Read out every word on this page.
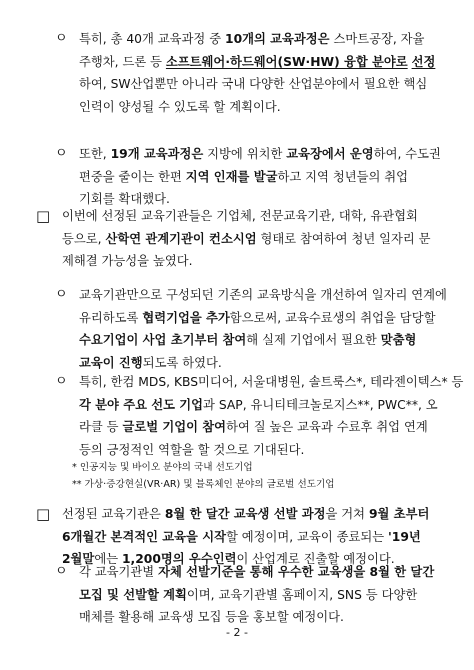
ㅇ 특히, 총 40개 교육과정 중 10개의 교육과정은 스마트공장, 자율
주행차, 드론 등 소프트웨어·하드웨어(SW·HW) 융합 분야로 선정
하여, SW산업뿐만 아니라 국내 다양한 산업분야에서 필요한 핵심
인력이 양성될 수 있도록 할 계획이다.
ㅇ 또한, 19개 교육과정은 지방에 위치한 교육장에서 운영하여, 수도권
편중을 줄이는 한편 지역 인재를 발굴하고 지역 청년들의 취업
기회를 확대했다.
□ 이번에 선정된 교육기관들은 기업체, 전문교육기관, 대학, 유관협회
등으로, 산학연 관계기관이 컨소시엄 형태로 참여하여 청년 일자리 문
제해결 가능성을 높였다.
ㅇ 교육기관만으로 구성되던 기존의 교육방식을 개선하여 일자리 연계에
유리하도록 협력기업을 추가함으로써, 교육수료생의 취업을 담당할
수요기업이 사업 초기부터 참여해 실제 기업에서 필요한 맞춤형
교육이 진행되도록 하였다.
ㅇ 특히, 한컴 MDS, KBS미디어, 서울대병원, 솔트룩스*, 테라젠이텍스* 등
각 분야 주요 선도 기업과 SAP, 유니티테크놀로지스**, PWC**, 오
라클 등 글로벌 기업이 참여하여 질 높은 교육과 수료후 취업 연계
등의 긍정적인 역할을 할 것으로 기대된다.
* 인공지능 및 바이오 분야의 국내 선도기업
** 가상·증강현실(VR·AR) 및 블록체인 분야의 글로벌 선도기업
□ 선정된 교육기관은 8월 한 달간 교육생 선발 과정을 거쳐 9월 초부터
6개월간 본격적인 교육을 시작할 예정이며, 교육이 종료되는 '19년
2월말에는 1,200명의 우수인력이 산업계로 진출할 예정이다.
ㅇ 각 교육기관별 자체 선발기준을 통해 우수한 교육생을 8월 한 달간
모집 및 선발할 계획이며, 교육기관별 홈페이지, SNS 등 다양한
매체를 활용해 교육생 모집 등을 홍보할 예정이다.
- 2 -
